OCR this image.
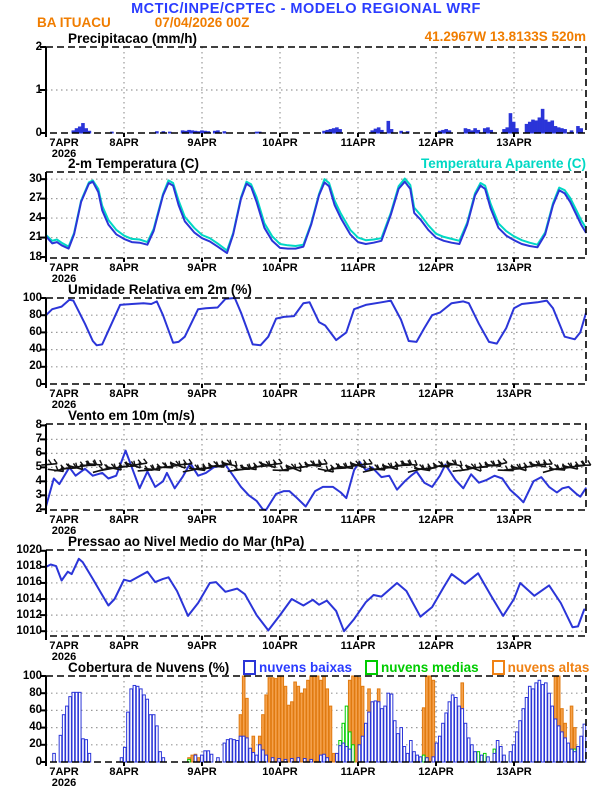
MCTIC/INPE/CPTEC - MODELO REGIONAL WRF
BA ITUACU	07/04/2026 00Z
41.2967W 13.8133S 520m
2
1
0
7APR
2026
8APR	9APR	10APR	11APR	12APR	13APR
30
27
24
21
18
7APR
2026
8APR	9APR	10APR	11APR	12APR	13APR
100
80
60
40
20
0
7APR
2026
8APR	9APR	10APR	11APR	12APR	13APR
8
7
6
5
4
3
2
7APR
2026
8APR	9APR	10APR	11APR	12APR	13APR
1020
1018
1016
1014
1012
1010
7APR
2026
8APR	9APR	10APR	11APR	12APR	13APR
100
80
60
40
20
0
7APR
2026
8APR	9APR	10APR	11APR	12APR	13APR
Precipitacao (mm/h)
2-m Temperatura (C)
Umidade Relativa em 2m (%)
Vento em 10m (m/s)
Pressao ao Nivel Medio do Mar (hPa)
Cobertura de Nuvens (%)
Temperatura Aparente (C)
nuvens baixas nuvens medias nuvens altas
